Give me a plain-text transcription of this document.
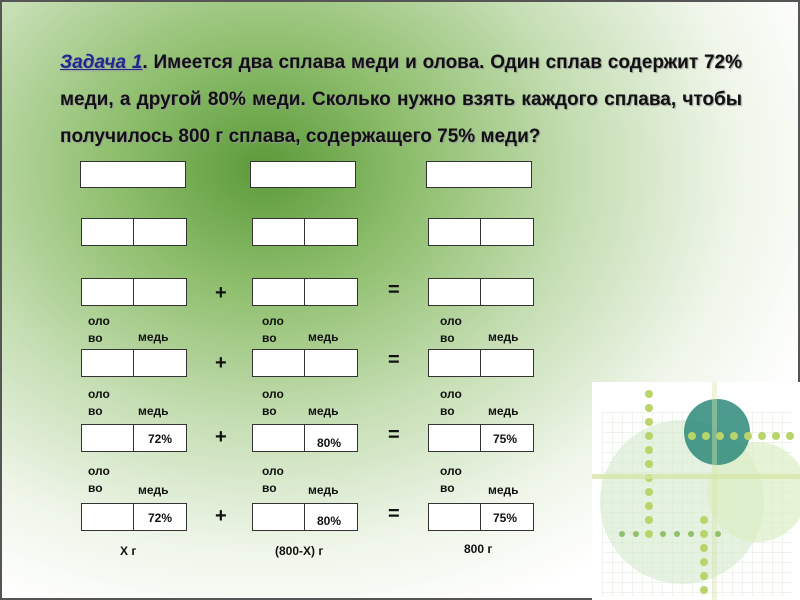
Задача 1. Имеется два сплава меди и олова. Один сплав содержит 72% меди, а другой 80% меди. Сколько нужно взять каждого сплава, чтобы получилось 800 г сплава, содержащего 75% меди?
+	=
оло
во	медь
оло
во	медь
оло
во	медь
+	=
оло
во	медь
оло
во	медь
оло
во	медь
72% +	80% =	75%
оло
во	медь
оло
во	медь
оло
во	медь
72% +	80% =	75%
X г	(800-X) г	800 г
